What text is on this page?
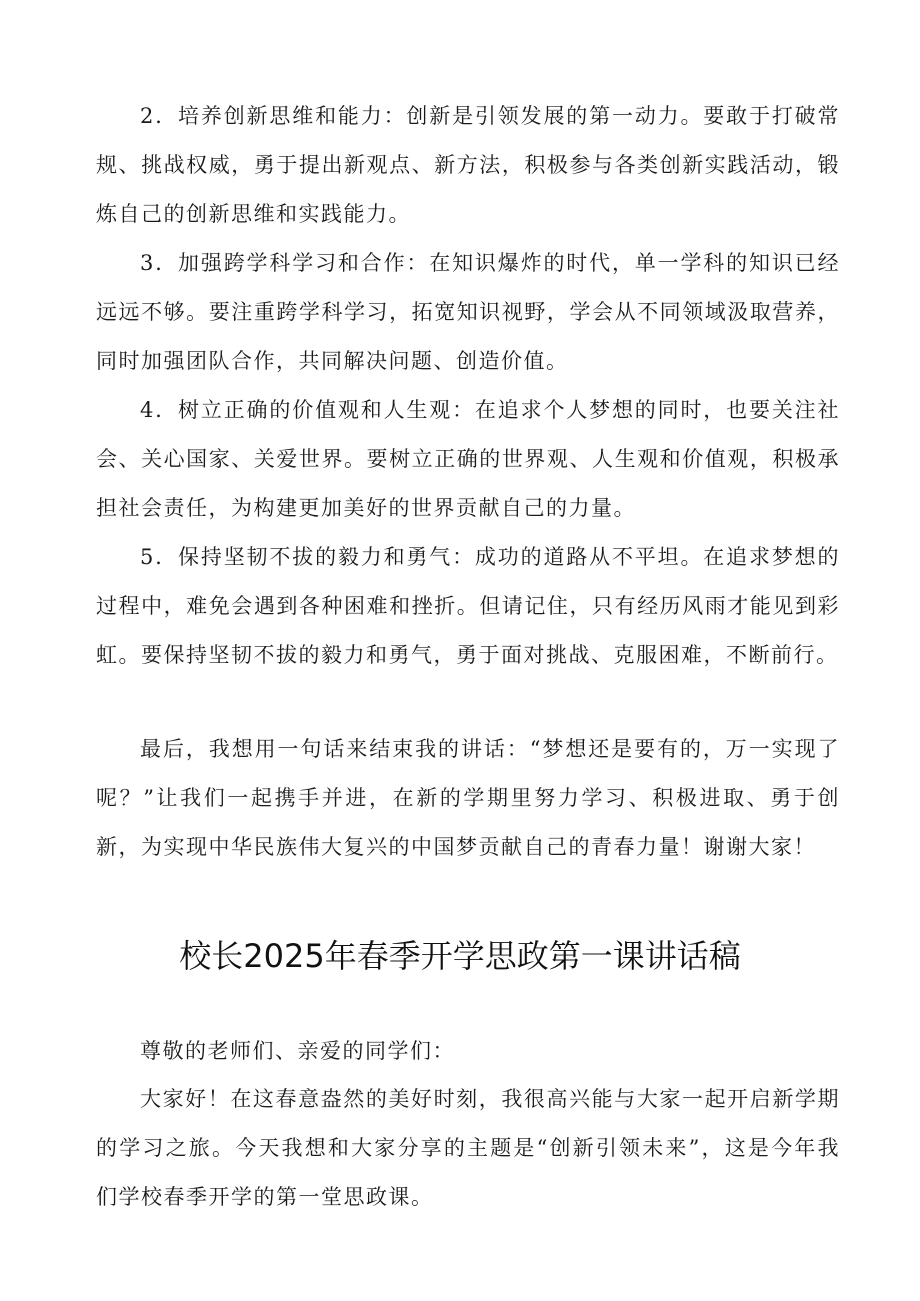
2．培养创新思维和能力：创新是引领发展的第一动力。要敢于打破常规、挑战权威，勇于提出新观点、新方法，积极参与各类创新实践活动，锻炼自己的创新思维和实践能力。

3．加强跨学科学习和合作：在知识爆炸的时代，单一学科的知识已经远远不够。要注重跨学科学习，拓宽知识视野，学会从不同领域汲取营养，同时加强团队合作，共同解决问题、创造价值。

4．树立正确的价值观和人生观：在追求个人梦想的同时，也要关注社会、关心国家、关爱世界。要树立正确的世界观、人生观和价值观，积极承担社会责任，为构建更加美好的世界贡献自己的力量。

5．保持坚韧不拔的毅力和勇气：成功的道路从不平坦。在追求梦想的过程中，难免会遇到各种困难和挫折。但请记住，只有经历风雨才能见到彩虹。要保持坚韧不拔的毅力和勇气，勇于面对挑战、克服困难，不断前行。

最后，我想用一句话来结束我的讲话：“梦想还是要有的，万一实现了呢？”让我们一起携手并进，在新的学期里努力学习、积极进取、勇于创新，为实现中华民族伟大复兴的中国梦贡献自己的青春力量！谢谢大家！

校长2025年春季开学思政第一课讲话稿

尊敬的老师们、亲爱的同学们：

大家好！在这春意盎然的美好时刻，我很高兴能与大家一起开启新学期的学习之旅。今天我想和大家分享的主题是“创新引领未来”，这是今年我们学校春季开学的第一堂思政课。
